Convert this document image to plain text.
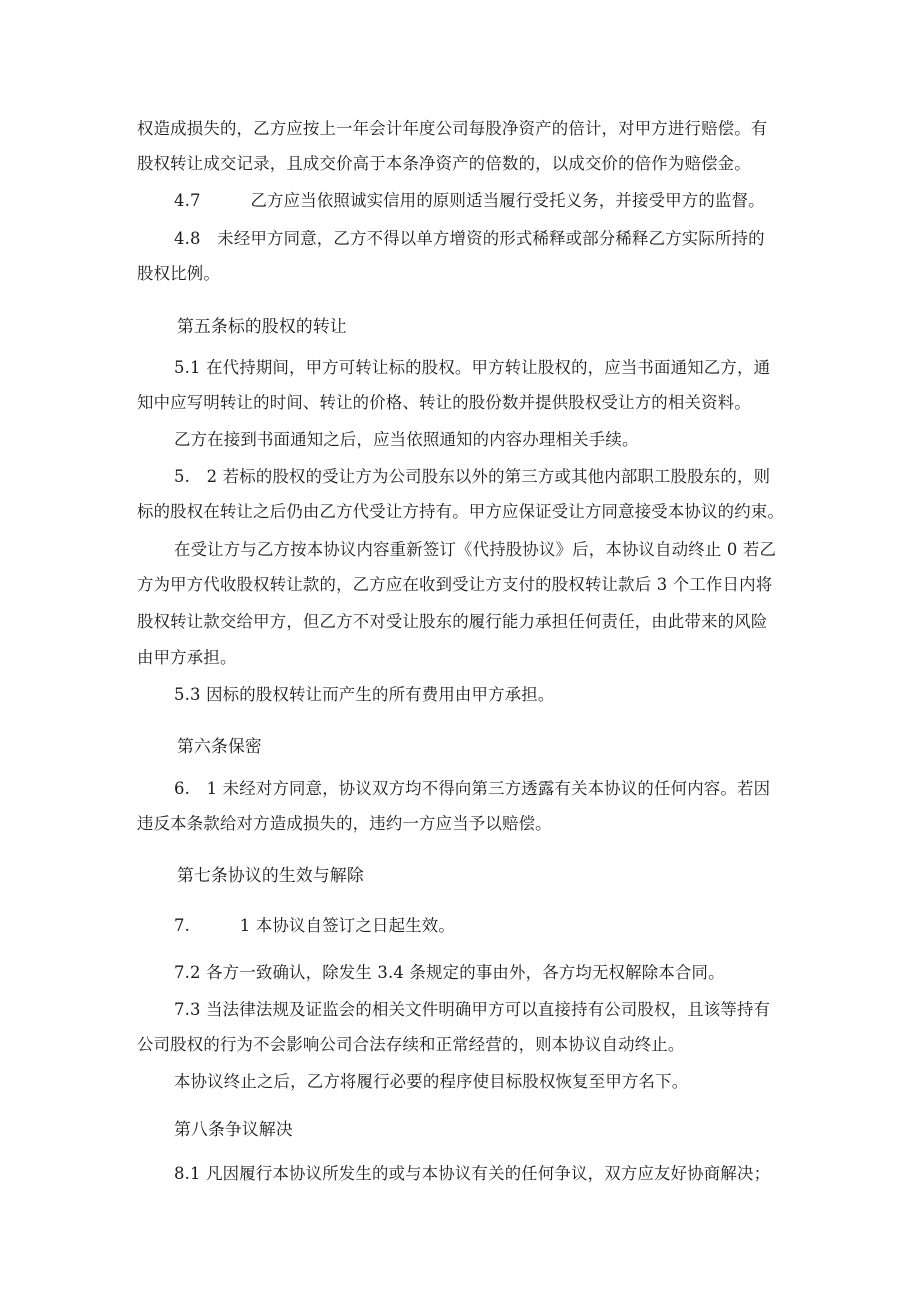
权造成损失的，乙方应按上一年会计年度公司每股净资产的倍计，对甲方进行赔偿。有
股权转让成交记录，且成交价高于本条净资产的倍数的，以成交价的倍作为赔偿金。
4.7　　　乙方应当依照诚实信用的原则适当履行受托义务，并接受甲方的监督。
4.8　未经甲方同意，乙方不得以单方增资的形式稀释或部分稀释乙方实际所持的
股权比例。
第五条标的股权的转让
5.1 在代持期间，甲方可转让标的股权。甲方转让股权的，应当书面通知乙方，通
知中应写明转让的时间、转让的价格、转让的股份数并提供股权受让方的相关资料。
乙方在接到书面通知之后，应当依照通知的内容办理相关手续。
5.　2 若标的股权的受让方为公司股东以外的第三方或其他内部职工股股东的，则
标的股权在转让之后仍由乙方代受让方持有。甲方应保证受让方同意接受本协议的约束。
在受让方与乙方按本协议内容重新签订《代持股协议》后，本协议自动终止 0 若乙
方为甲方代收股权转让款的，乙方应在收到受让方支付的股权转让款后 3 个工作日内将
股权转让款交给甲方，但乙方不对受让股东的履行能力承担任何责任，由此带来的风险
由甲方承担。
5.3 因标的股权转让而产生的所有费用由甲方承担。
第六条保密
6.　1 未经对方同意，协议双方均不得向第三方透露有关本协议的任何内容。若因
违反本条款给对方造成损失的，违约一方应当予以赔偿。
第七条协议的生效与解除
7.　　　1 本协议自签订之日起生效。
7.2 各方一致确认，除发生 3.4 条规定的事由外，各方均无权解除本合同。
7.3 当法律法规及证监会的相关文件明确甲方可以直接持有公司股权，且该等持有
公司股权的行为不会影响公司合法存续和正常经营的，则本协议自动终止。
本协议终止之后，乙方将履行必要的程序使目标股权恢复至甲方名下。
第八条争议解决
8.1 凡因履行本协议所发生的或与本协议有关的任何争议，双方应友好协商解决；
